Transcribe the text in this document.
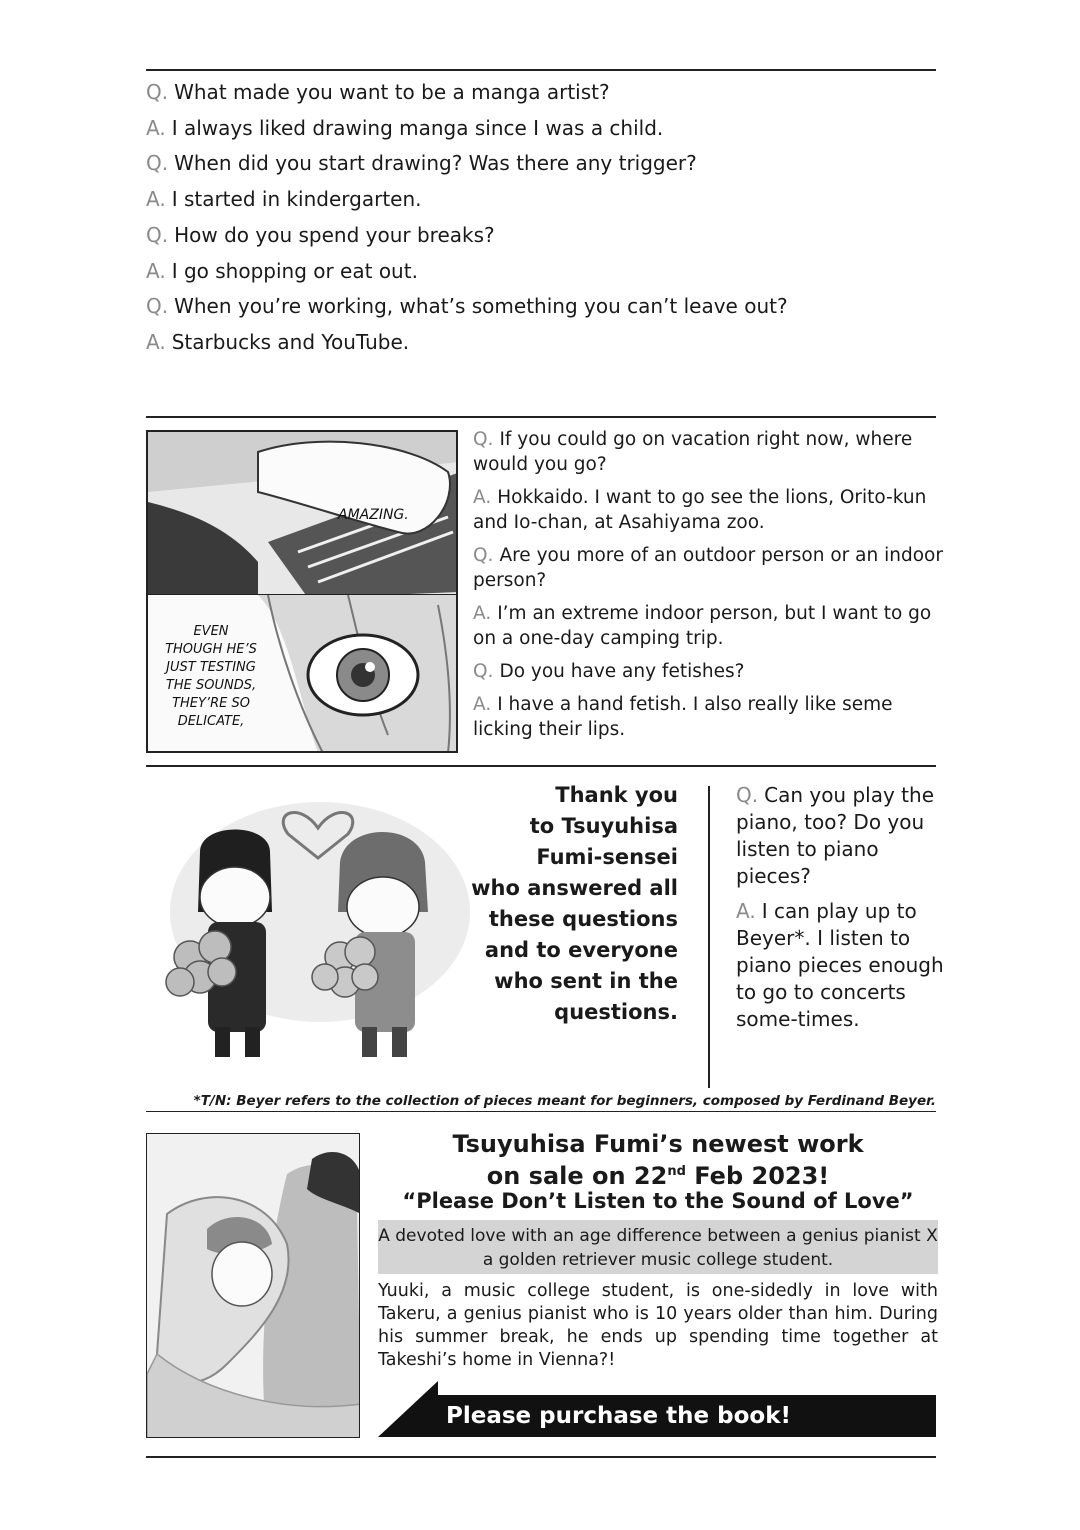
Q. What made you want to be a manga artist?
A. I always liked drawing manga since I was a child.
Q. When did you start drawing? Was there any trigger?
A. I started in kindergarten.
Q. How do you spend your breaks?
A. I go shopping or eat out.
Q. When you’re working, what’s something you can’t leave out?
A. Starbucks and YouTube.
AMAZING.
EVEN
THOUGH HE’S
JUST TESTING
THE SOUNDS,
THEY’RE SO
DELICATE,

Q. If you could go on vacation right now, where would you go?

A. Hokkaido. I want to go see the lions, Orito-kun and Io-chan, at Asahiyama zoo.

Q. Are you more of an outdoor person or an indoor person?

A. I’m an extreme indoor person, but I want to go on a one-day camping trip.

Q. Do you have any fetishes?

A. I have a hand fetish. I also really like seme licking their lips.

Thank you
to Tsuyuhisa
Fumi-sensei
who answered all
these questions
and to everyone
who sent in the
questions.

Q. Can you play the piano, too? Do you listen to piano pieces?

A. I can play up to Beyer*. I listen to piano pieces enough to go to concerts some-times.

*T/N: Beyer refers to the collection of pieces meant for beginners, composed by Ferdinand Beyer.
Tsuyuhisa Fumi’s newest work
on sale on 22nd Feb 2023!
“Please Don’t Listen to the Sound of Love”
A devoted love with an age difference between a genius pianist X a golden retriever music college student.
Yuuki, a music college student, is one-sidedly in love with Takeru, a genius pianist who is 10 years older than him. During his summer break, he ends up spending time together at Takeshi’s home in Vienna?!
Please purchase the book!
